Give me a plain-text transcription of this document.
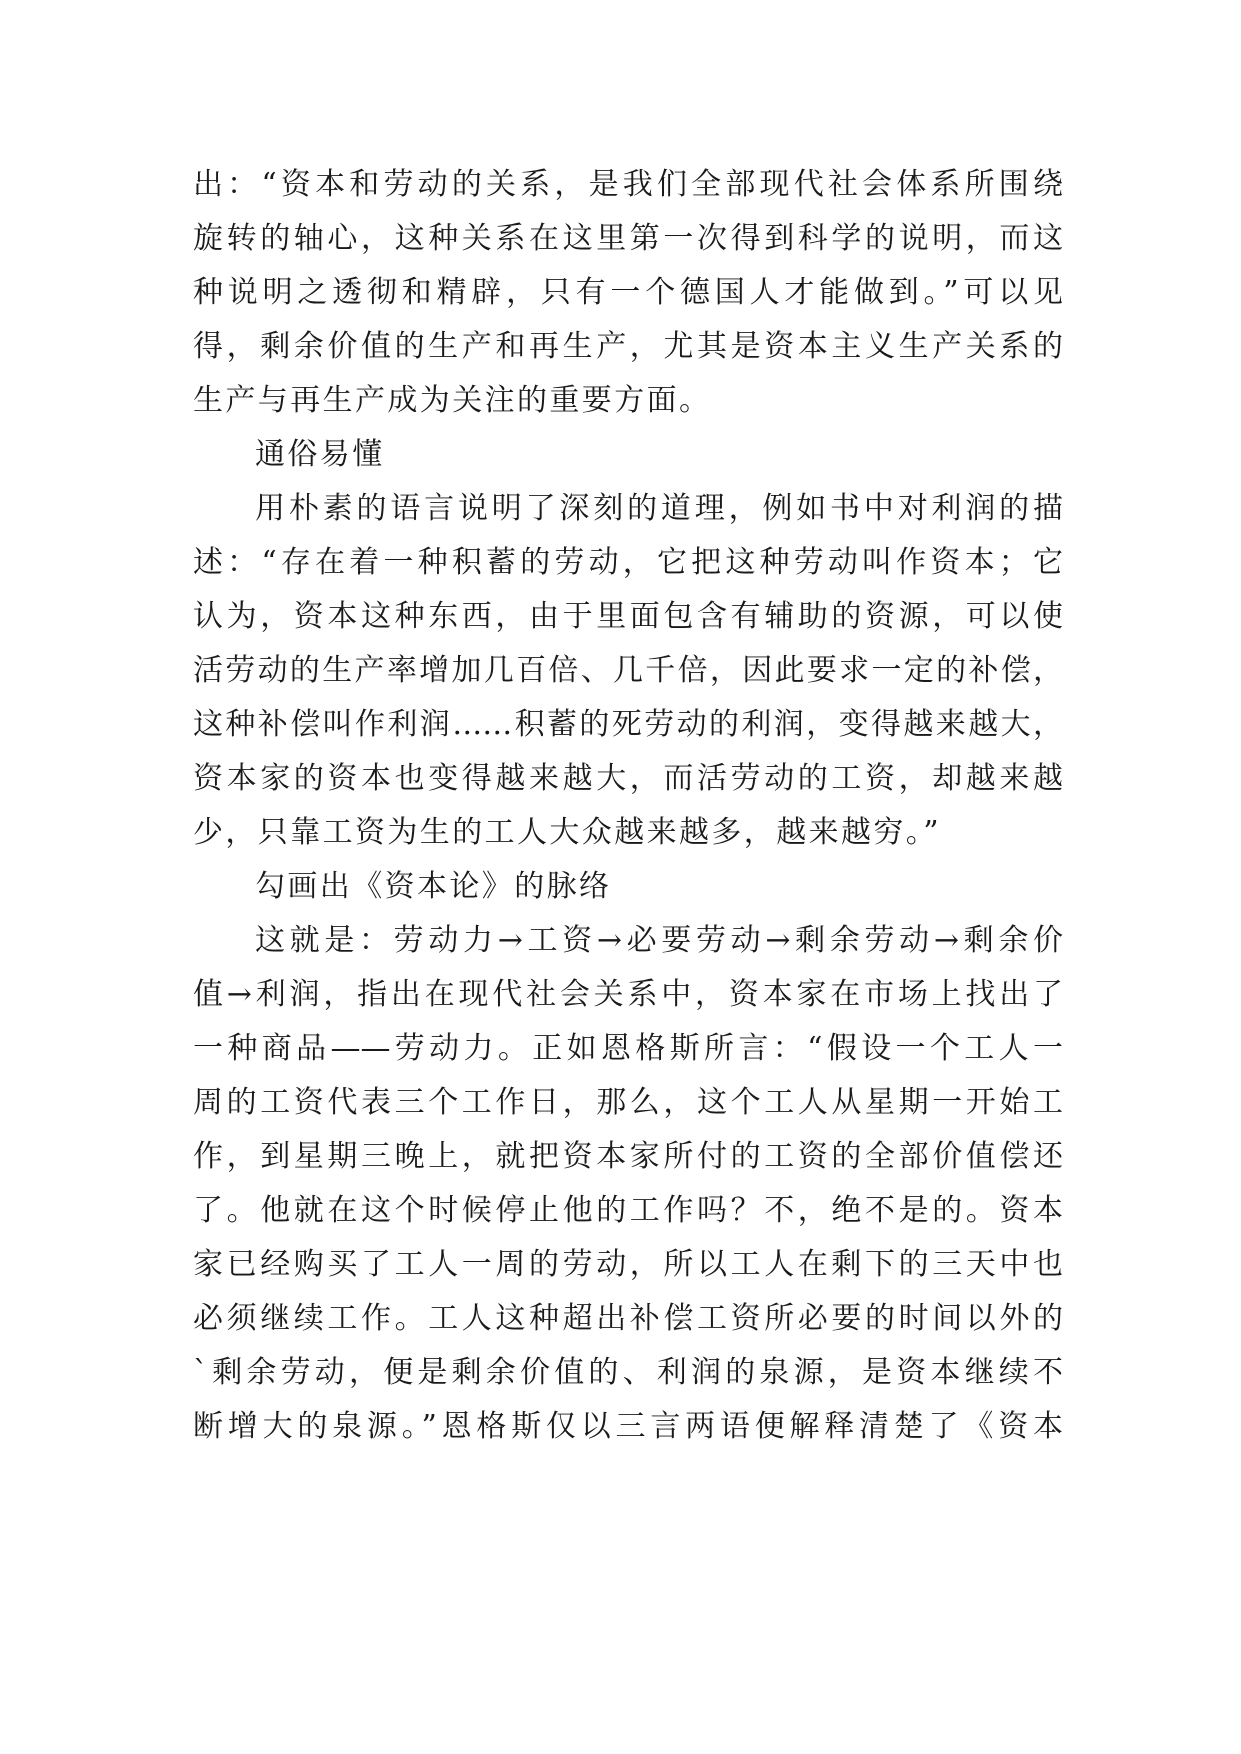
出：“资本和劳动的关系，是我们全部现代社会体系所围绕
旋转的轴心，这种关系在这里第一次得到科学的说明，而这
种说明之透彻和精辟，只有一个德国人才能做到。”可以见
得，剩余价值的生产和再生产，尤其是资本主义生产关系的
生产与再生产成为关注的重要方面。
通俗易懂
用朴素的语言说明了深刻的道理，例如书中对利润的描
述：“存在着一种积蓄的劳动，它把这种劳动叫作资本；它
认为，资本这种东西，由于里面包含有辅助的资源，可以使
活劳动的生产率增加几百倍、几千倍，因此要求一定的补偿，
这种补偿叫作利润……积蓄的死劳动的利润，变得越来越大，
资本家的资本也变得越来越大，而活劳动的工资，却越来越
少，只靠工资为生的工人大众越来越多，越来越穷。”
勾画出《资本论》的脉络
这就是：劳动力→工资→必要劳动→剩余劳动→剩余价
值→利润，指出在现代社会关系中，资本家在市场上找出了
一种商品——劳动力。正如恩格斯所言：“假设一个工人一
周的工资代表三个工作日，那么，这个工人从星期一开始工
作，到星期三晚上，就把资本家所付的工资的全部价值偿还
了。他就在这个时候停止他的工作吗？不，绝不是的。资本
家已经购买了工人一周的劳动，所以工人在剩下的三天中也
必须继续工作。工人这种超出补偿工资所必要的时间以外的
`剩余劳动，便是剩余价值的、利润的泉源，是资本继续不
断增大的泉源。”恩格斯仅以三言两语便解释清楚了《资本
